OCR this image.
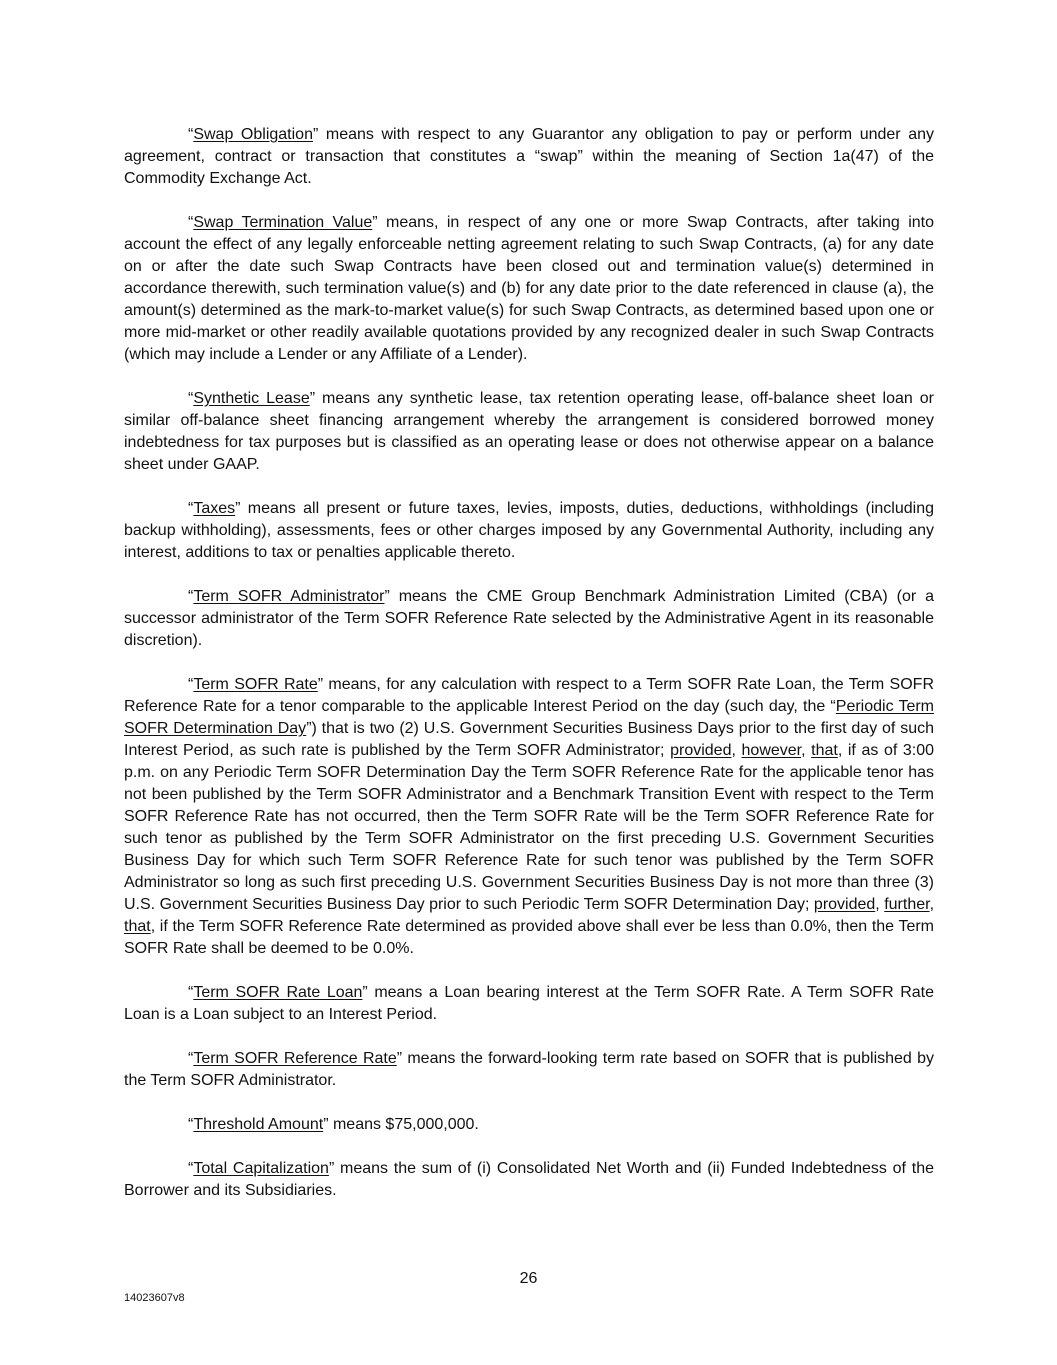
“Swap Obligation” means with respect to any Guarantor any obligation to pay or perform under any agreement, contract or transaction that constitutes a “swap” within the meaning of Section 1a(47) of the Commodity Exchange Act.

“Swap Termination Value” means, in respect of any one or more Swap Contracts, after taking into account the effect of any legally enforceable netting agreement relating to such Swap Contracts, (a) for any date on or after the date such Swap Contracts have been closed out and termination value(s) determined in accordance therewith, such termination value(s) and (b) for any date prior to the date referenced in clause (a), the amount(s) determined as the mark-to-market value(s) for such Swap Contracts, as determined based upon one or more mid-market or other readily available quotations provided by any recognized dealer in such Swap Contracts (which may include a Lender or any Affiliate of a Lender).

“Synthetic Lease” means any synthetic lease, tax retention operating lease, off-balance sheet loan or similar off-balance sheet financing arrangement whereby the arrangement is considered borrowed money indebtedness for tax purposes but is classified as an operating lease or does not otherwise appear on a balance sheet under GAAP.

“Taxes” means all present or future taxes, levies, imposts, duties, deductions, withholdings (including backup withholding), assessments, fees or other charges imposed by any Governmental Authority, including any interest, additions to tax or penalties applicable thereto.

“Term SOFR Administrator” means the CME Group Benchmark Administration Limited (CBA) (or a successor administrator of the Term SOFR Reference Rate selected by the Administrative Agent in its reasonable discretion).

“Term SOFR Rate” means, for any calculation with respect to a Term SOFR Rate Loan, the Term SOFR Reference Rate for a tenor comparable to the applicable Interest Period on the day (such day, the “Periodic Term SOFR Determination Day”) that is two (2) U.S. Government Securities Business Days prior to the first day of such Interest Period, as such rate is published by the Term SOFR Administrator; provided, however, that, if as of 3:00 p.m. on any Periodic Term SOFR Determination Day the Term SOFR Reference Rate for the applicable tenor has not been published by the Term SOFR Administrator and a Benchmark Transition Event with respect to the Term SOFR Reference Rate has not occurred, then the Term SOFR Rate will be the Term SOFR Reference Rate for such tenor as published by the Term SOFR Administrator on the first preceding U.S. Government Securities Business Day for which such Term SOFR Reference Rate for such tenor was published by the Term SOFR Administrator so long as such first preceding U.S. Government Securities Business Day is not more than three (3) U.S. Government Securities Business Day prior to such Periodic Term SOFR Determination Day; provided, further, that, if the Term SOFR Reference Rate determined as provided above shall ever be less than 0.0%, then the Term SOFR Rate shall be deemed to be 0.0%.

“Term SOFR Rate Loan” means a Loan bearing interest at the Term SOFR Rate. A Term SOFR Rate Loan is a Loan subject to an Interest Period.

“Term SOFR Reference Rate” means the forward-looking term rate based on SOFR that is published by the Term SOFR Administrator.

“Threshold Amount” means $75,000,000.

“Total Capitalization” means the sum of (i) Consolidated Net Worth and (ii) Funded Indebtedness of the Borrower and its Subsidiaries.

26
14023607v8
